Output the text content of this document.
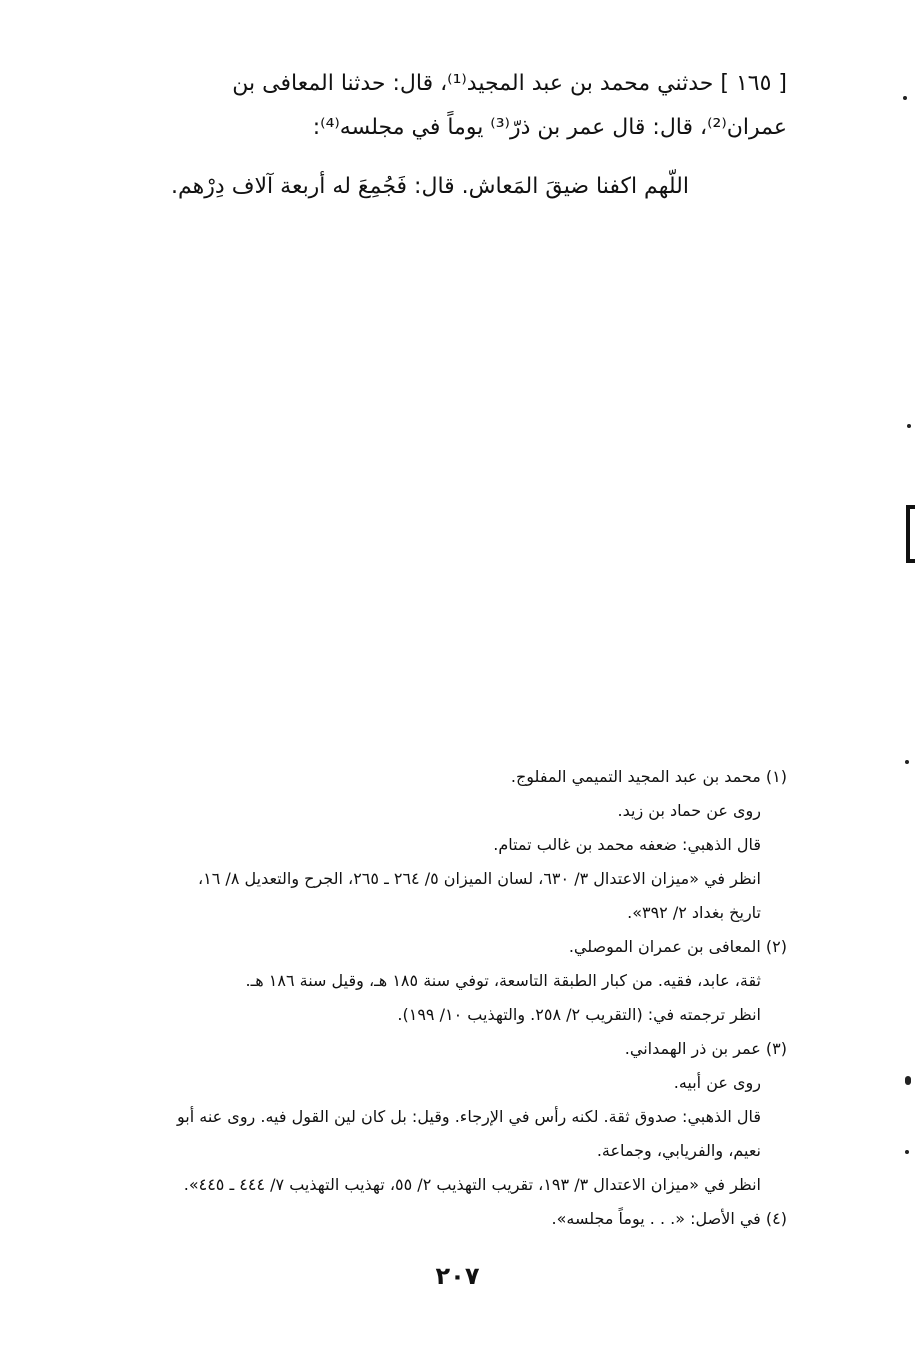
[ ١٦٥ ] حدثني محمد بن عبد المجيد⁽¹⁾، قال: حدثنا المعافى بن
عمران⁽²⁾، قال: قال عمر بن ذرّ⁽³⁾ يوماً في مجلسه⁽⁴⁾:
اللّهم اكفنا ضيقَ المَعاش. قال: فَجُمِعَ له أربعة آلاف دِرْهم.
(١) محمد بن عبد المجيد التميمي المفلوج.
روى عن حماد بن زيد.
قال الذهبي: ضعفه محمد بن غالب تمتام.
انظر في «ميزان الاعتدال ٣/ ٦٣٠، لسان الميزان ٥/ ٢٦٤ ـ ٢٦٥، الجرح والتعديل ٨/ ١٦،
تاريخ بغداد ٢/ ٣٩٢».
(٢) المعافى بن عمران الموصلي.
ثقة، عابد، فقيه. من كبار الطبقة التاسعة، توفي سنة ١٨٥ هـ، وقيل سنة ١٨٦ هـ.
انظر ترجمته في: (التقريب ٢/ ٢٥٨. والتهذيب ١٠/ ١٩٩).
(٣) عمر بن ذر الهمداني.
روى عن أبيه.
قال الذهبي: صدوق ثقة. لكنه رأس في الإرجاء. وقيل: بل كان لين القول فيه. روى عنه أبو
نعيم، والفريابي، وجماعة.
انظر في «ميزان الاعتدال ٣/ ١٩٣، تقريب التهذيب ٢/ ٥٥، تهذيب التهذيب ٧/ ٤٤٤ ـ ٤٤٥».
(٤) في الأصل: «. . . يوماً مجلسه».
٢٠٧
